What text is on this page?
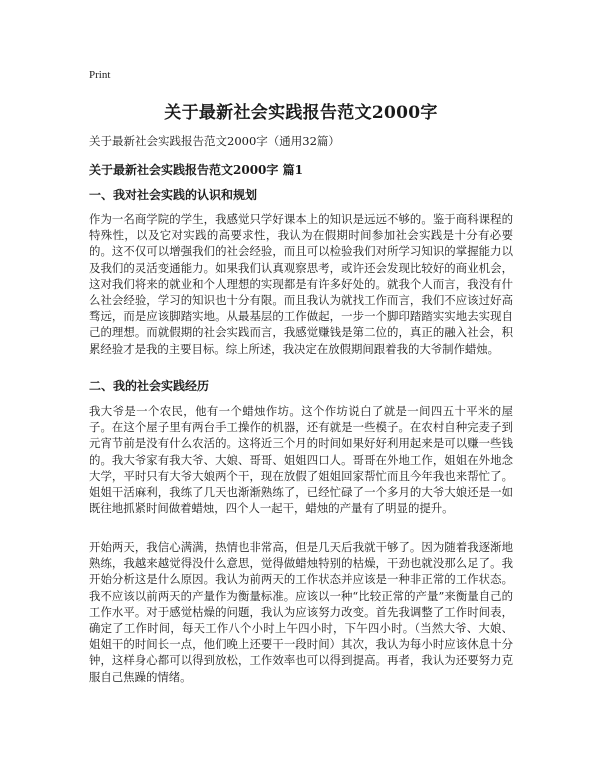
Print
关于最新社会实践报告范文2000字

关于最新社会实践报告范文2000字（通用32篇）

关于最新社会实践报告范文2000字 篇1
一、我对社会实践的认识和规划

作为一名商学院的学生，我感觉只学好课本上的知识是远远不够的。鉴于商科课程的特殊性，以及它对实践的高要求性，我认为在假期时间参加社会实践是十分有必要的。这不仅可以增强我们的社会经验，而且可以检验我们对所学习知识的掌握能力以及我们的灵活变通能力。如果我们认真观察思考，或许还会发现比较好的商业机会，这对我们将来的就业和个人理想的实现都是有许多好处的。就我个人而言，我没有什么社会经验，学习的知识也十分有限。而且我认为就找工作而言，我们不应该过好高骛远，而是应该脚踏实地。从最基层的工作做起，一步一个脚印踏踏实实地去实现自己的理想。而就假期的社会实践而言，我感觉赚钱是第二位的，真正的融入社会，积累经验才是我的主要目标。综上所述，我决定在放假期间跟着我的大爷制作蜡烛。

二、我的社会实践经历

我大爷是一个农民，他有一个蜡烛作坊。这个作坊说白了就是一间四五十平米的屋子。在这个屋子里有两台手工操作的机器，还有就是一些模子。在农村自种完麦子到元宵节前是没有什么农活的。这将近三个月的时间如果好好利用起来是可以赚一些钱的。我大爷家有我大爷、大娘、哥哥、姐姐四口人。哥哥在外地工作，姐姐在外地念大学，平时只有大爷大娘两个干，现在放假了姐姐回家帮忙而且今年我也来帮忙了。姐姐干活麻利，我练了几天也渐渐熟练了，已经忙碌了一个多月的大爷大娘还是一如既往地抓紧时间做着蜡烛，四个人一起干，蜡烛的产量有了明显的提升。

开始两天，我信心满满，热情也非常高，但是几天后我就干够了。因为随着我逐渐地熟练，我越来越觉得没什么意思，觉得做蜡烛特别的枯燥，干劲也就没那么足了。我开始分析这是什么原因。我认为前两天的工作状态并应该是一种非正常的工作状态。我不应该以前两天的产量作为衡量标准。应该以一种“比较正常的产量”来衡量自己的工作水平。对于感觉枯燥的问题，我认为应该努力改变。首先我调整了工作时间表，确定了工作时间，每天工作八个小时上午四小时，下午四小时。（当然大爷、大娘、姐姐干的时间长一点，他们晚上还要干一段时间）其次，我认为每小时应该休息十分钟，这样身心都可以得到放松，工作效率也可以得到提高。再者，我认为还要努力克服自己焦躁的情绪。
